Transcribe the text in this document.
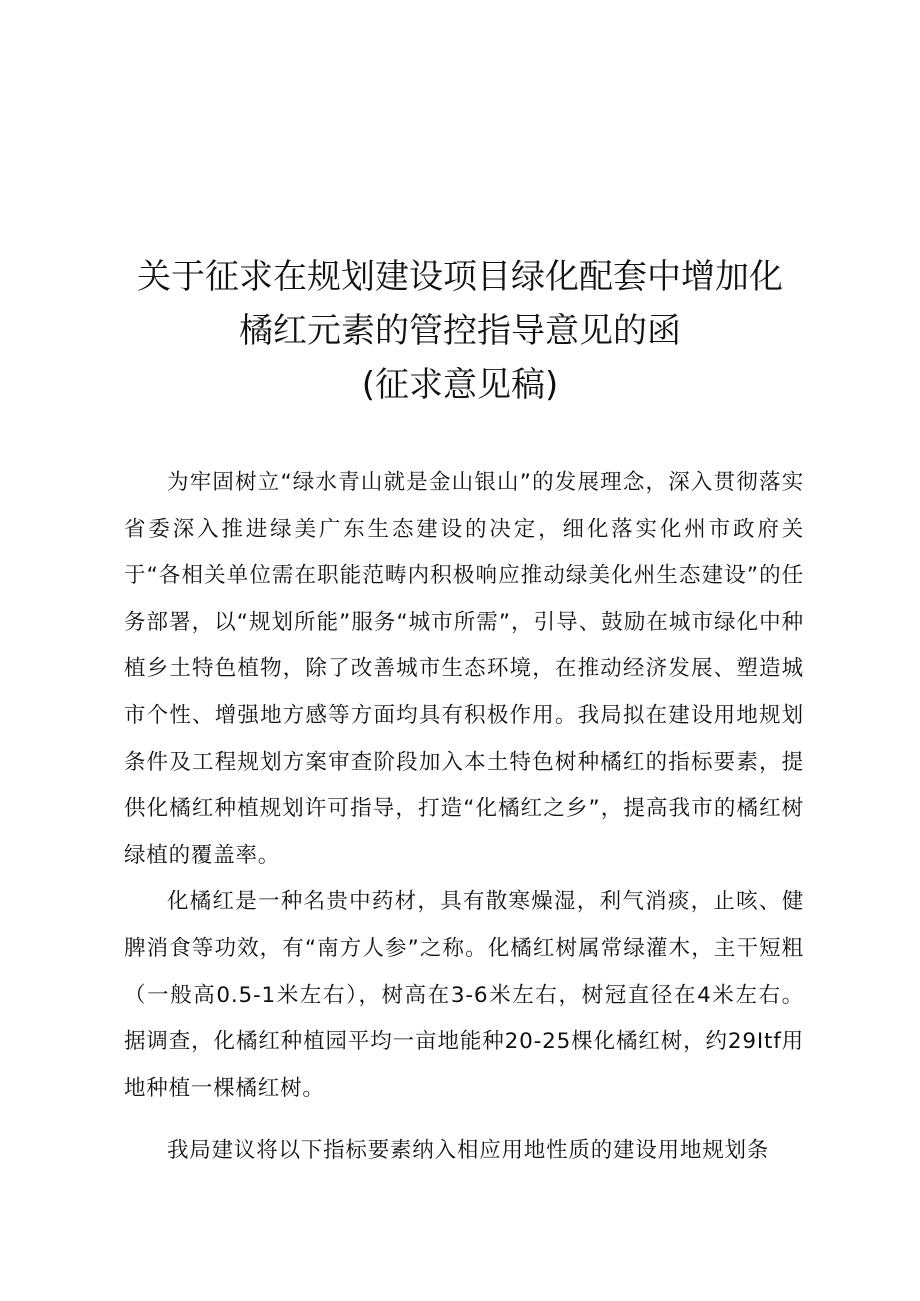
关于征求在规划建设项目绿化配套中增加化
橘红元素的管控指导意见的函
(征求意见稿)

为牢固树立“绿水青山就是金山银山”的发展理念，深入贯彻落实省委深入推进绿美广东生态建设的决定，细化落实化州市政府关于“各相关单位需在职能范畴内积极响应推动绿美化州生态建设”的任务部署，以“规划所能”服务“城市所需”，引导、鼓励在城市绿化中种植乡土特色植物，除了改善城市生态环境，在推动经济发展、塑造城市个性、增强地方感等方面均具有积极作用。我局拟在建设用地规划条件及工程规划方案审查阶段加入本土特色树种橘红的指标要素，提供化橘红种植规划许可指导，打造“化橘红之乡”，提高我市的橘红树绿植的覆盖率。

化橘红是一种名贵中药材，具有散寒燥湿，利气消痰，止咳、健脾消食等功效，有“南方人参”之称。化橘红树属常绿灌木，主干短粗（一般高0.5-1米左右），树高在3-6米左右，树冠直径在4米左右。据调查，化橘红种植园平均一亩地能种20-25棵化橘红树，约29Itf用地种植一棵橘红树。

我局建议将以下指标要素纳入相应用地性质的建设用地规划条
